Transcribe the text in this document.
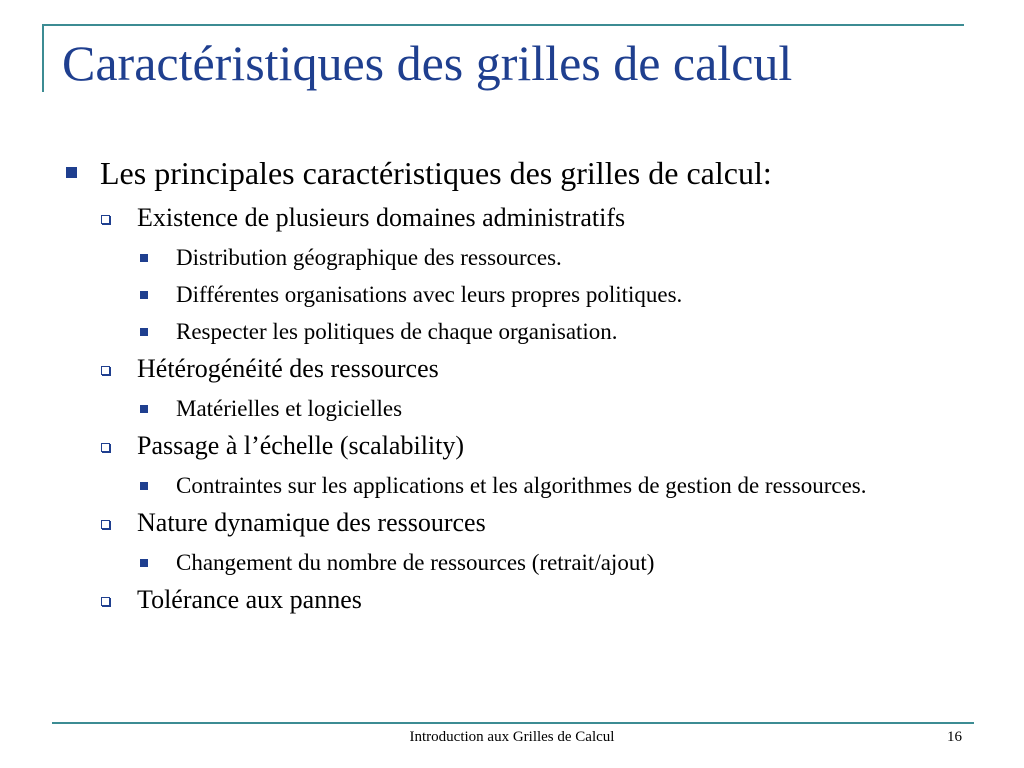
Caractéristiques des grilles de calcul
Les principales caractéristiques des grilles de calcul:
Existence de plusieurs domaines administratifs
Distribution géographique des ressources.
Différentes organisations avec leurs propres politiques.
Respecter les politiques de chaque organisation.
Hétérogénéité des ressources
Matérielles et logicielles
Passage à l’échelle (scalability)
Contraintes sur les applications et les algorithmes de gestion de ressources.
Nature dynamique des ressources
Changement du nombre de ressources (retrait/ajout)
Tolérance aux pannes
Introduction aux Grilles de Calcul	16
